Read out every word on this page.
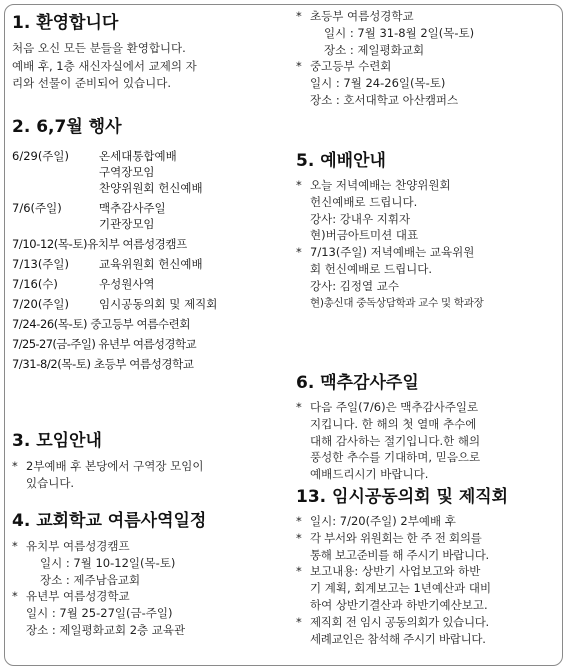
1. 환영합니다

처음 오신 모든 분들을 환영합니다.

예배 후, 1층 새신자실에서 교제의 자

리와 선물이 준비되어 있습니다.

2. 6,7월 행사
6/29(주일)	온세대통합예배
구역장모임
찬양위원회 헌신예배
7/6(주일)	맥추감사주일
기관장모임
7/10-12(목-토)유치부 여름성경캠프
7/13(주일)	교육위원회 헌신예배
7/16(수)	우성원사역
7/20(주일)	임시공동의회 및 제직회
7/24-26(목-토) 중고등부 여름수련회
7/25-27(금-주일) 유년부 여름성경학교
7/31-8/2(목-토) 초등부 여름성경학교
3. 모임안내
* 2부예배 후 본당에서 구역장 모임이

있습니다.

4. 교회학교 여름사역일정
* 유치부 여름성경캠프

일시 : 7월 10-12일(목-토)

장소 : 제주남읍교회

* 유년부 여름성경학교

일시 : 7월 25-27일(금-주일)

장소 : 제일평화교회 2층 교육관

* 초등부 여름성경학교

일시 : 7월 31-8월 2일(목-토)

장소 : 제일평화교회

* 중고등부 수련회

일시 : 7월 24-26일(목-토)

장소 : 호서대학교 아산캠퍼스

5. 예배안내
* 오늘 저녁예배는 찬양위원회

헌신예배로 드립니다.

강사: 강내우 지휘자

현)버금아트미션 대표

* 7/13(주일) 저녁예배는 교육위원

회 헌신예배로 드립니다.

강사: 김정열 교수

현)총신대 중독상담학과 교수 및 학과장

6. 맥추감사주일
* 다음 주일(7/6)은 맥추감사주일로

지킵니다. 한 해의 첫 열매 추수에

대해 감사하는 절기입니다.한 해의

풍성한 추수를 기대하며, 믿음으로

예배드리시기 바랍니다.

13. 임시공동의회 및 제직회
* 일시: 7/20(주일) 2부예배 후

* 각 부서와 위원회는 한 주 전 회의를

통해 보고준비를 해 주시기 바랍니다.

* 보고내용: 상반기 사업보고와 하반

기 계획, 회계보고는 1년예산과 대비

하여 상반기결산과 하반기예산보고.

* 제직회 전 임시 공동의회가 있습니다.

세례교인은 참석해 주시기 바랍니다.
